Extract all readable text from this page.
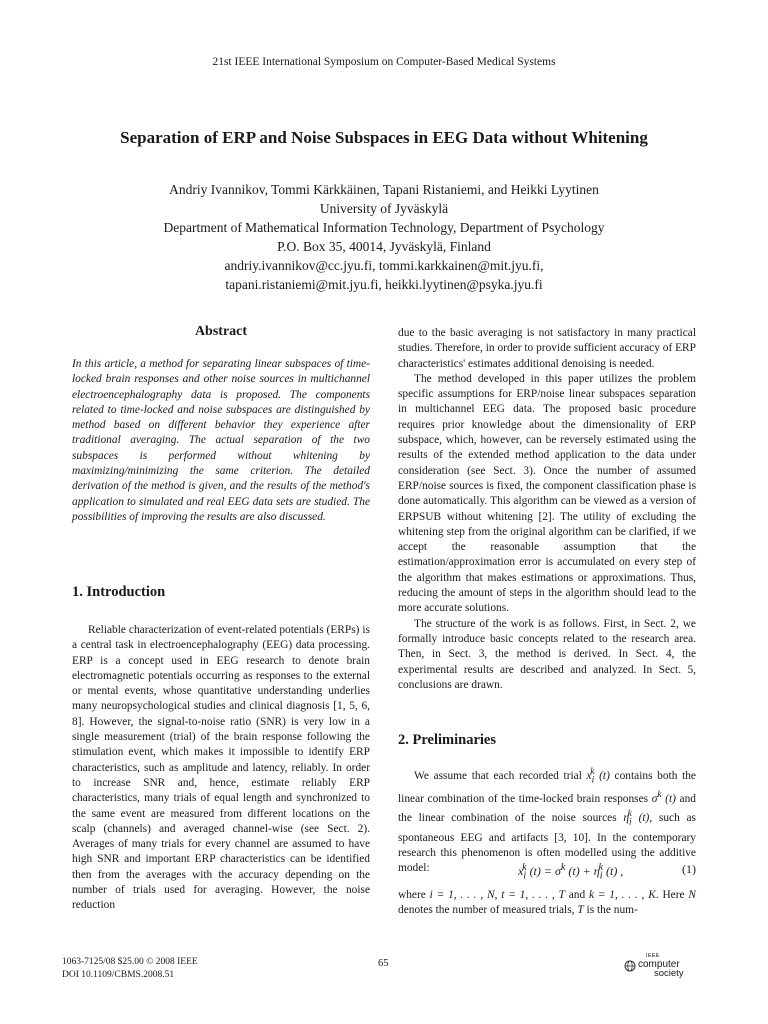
21st IEEE International Symposium on Computer-Based Medical Systems
Separation of ERP and Noise Subspaces in EEG Data without Whitening
Andriy Ivannikov, Tommi Kärkkäinen, Tapani Ristaniemi, and Heikki Lyytinen
University of Jyväskylä
Department of Mathematical Information Technology, Department of Psychology
P.O. Box 35, 40014, Jyväskylä, Finland
andriy.ivannikov@cc.jyu.fi, tommi.karkkainen@mit.jyu.fi,
tapani.ristaniemi@mit.jyu.fi, heikki.lyytinen@psyka.jyu.fi
Abstract
In this article, a method for separating linear subspaces of time-locked brain responses and other noise sources in multichannel electroencephalography data is proposed. The components related to time-locked and noise subspaces are distinguished by method based on different behavior they experience after traditional averaging. The actual separation of the two subspaces is performed without whitening by maximizing/minimizing the same criterion. The detailed derivation of the method is given, and the results of the method's application to simulated and real EEG data sets are studied. The possibilities of improving the results are also discussed.
1. Introduction
Reliable characterization of event-related potentials (ERPs) is a central task in electroencephalography (EEG) data processing. ERP is a concept used in EEG research to denote brain electromagnetic potentials occurring as responses to the external or mental events, whose quantitative understanding underlies many neuropsychological studies and clinical diagnosis [1, 5, 6, 8]. However, the signal-to-noise ratio (SNR) is very low in a single measurement (trial) of the brain response following the stimulation event, which makes it impossible to identify ERP characteristics, such as amplitude and latency, reliably. In order to increase SNR and, hence, estimate reliably ERP characteristics, many trials of equal length and synchronized to the same event are measured from different locations on the scalp (channels) and averaged channel-wise (see Sect. 2). Averages of many trials for every channel are assumed to have high SNR and important ERP characteristics can be identified then from the averages with the accuracy depending on the number of trials used for averaging. However, the noise reduction

due to the basic averaging is not satisfactory in many practical studies. Therefore, in order to provide sufficient accuracy of ERP characteristics' estimates additional denoising is needed.

The method developed in this paper utilizes the problem specific assumptions for ERP/noise linear subspaces separation in multichannel EEG data. The proposed basic procedure requires prior knowledge about the dimensionality of ERP subspace, which, however, can be reversely estimated using the results of the extended method application to the data under consideration (see Sect. 3). Once the number of assumed ERP/noise sources is fixed, the component classification phase is done automatically. This algorithm can be viewed as a version of ERPSUB without whitening [2]. The utility of excluding the whitening step from the original algorithm can be clarified, if we accept the reasonable assumption that the estimation/approximation error is accumulated on every step of the algorithm that makes estimations or approximations. Thus, reducing the amount of steps in the algorithm should lead to the more accurate solutions.

The structure of the work is as follows. First, in Sect. 2, we formally introduce basic concepts related to the research area. Then, in Sect. 3, the method is derived. In Sect. 4, the experimental results are described and analyzed. In Sect. 5, conclusions are drawn.

2. Preliminaries

We assume that each recorded trial $x_i^k$ (t) contains both the linear combination of the time-locked brain responses $\sigma^k$ (t) and the linear combination of the noise sources $\eta_i^k$ (t), such as spontaneous EEG and artifacts [3, 10]. In the contemporary research this phenomenon is often modelled using the additive model:	$x_i^k$ $(t) = \sigma^k$ $(t) + \eta_i^k$ (t) ,	(1)
where i = 1, . . . , N, t = 1, . . . , T and k = 1, . . . , K. Here N denotes the number of measured trials, T is the num-
1063-7125/08 $25.00 © 2008 IEEE
DOI 10.1109/CBMS.2008.51
65
IEEE
computer
society
